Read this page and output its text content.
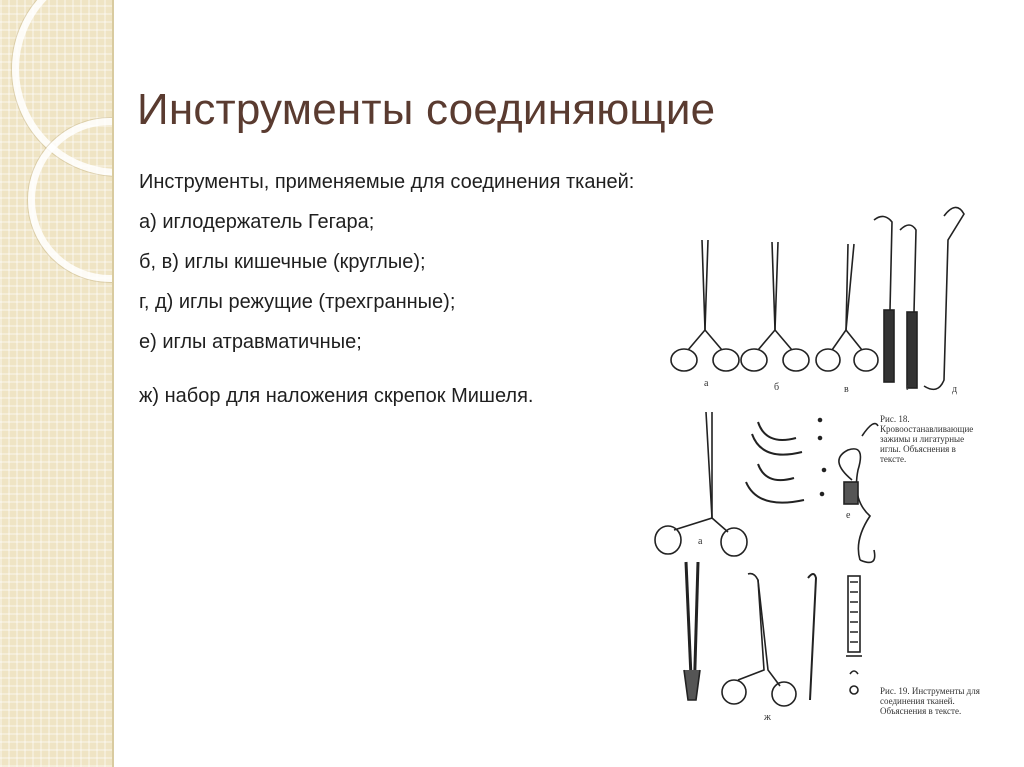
Инструменты соединяющие

Инструменты, применяемые для соединения тканей:

а) иглодержатель Гегара;

б, в) иглы кишечные (круглые);

г, д) иглы режущие (трехгранные);

е) иглы атравматичные;

ж) набор для наложения скрепок Мишеля.

а	б	в	г	д
а
е
ж
Рис. 18. Кровоостанавливающие зажимы и лигатурные иглы. Объяснения в тексте.
Рис. 19. Инструменты для соединения тканей. Объяснения в тексте.
